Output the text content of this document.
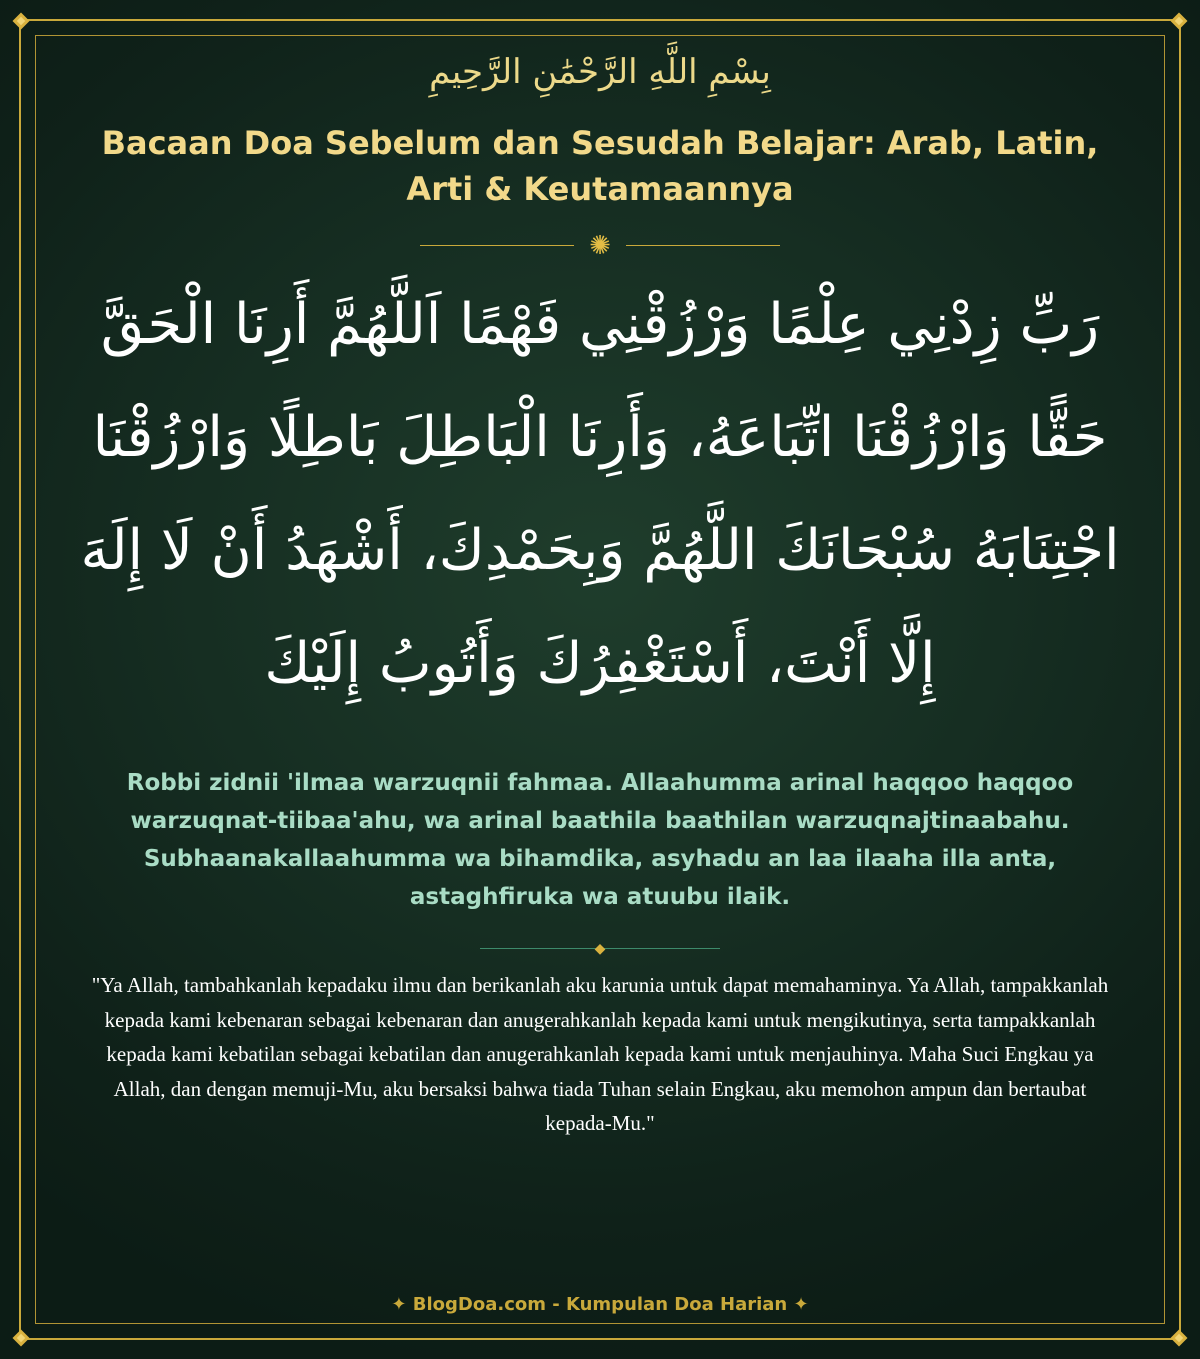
بِسْمِ اللَّهِ الرَّحْمَٰنِ الرَّحِيمِ
Bacaan Doa Sebelum dan Sesudah Belajar: Arab, Latin, Arti & Keutamaannya
✺
رَبِّ زِدْنِي عِلْمًا وَرْزُقْنِي فَهْمًا اَللَّهُمَّ أَرِنَا الْحَقَّ حَقًّا وَارْزُقْنَا اتِّبَاعَهُ، وَأَرِنَا الْبَاطِلَ بَاطِلًا وَارْزُقْنَا اجْتِنَابَهُ سُبْحَانَكَ اللَّهُمَّ وَبِحَمْدِكَ، أَشْهَدُ أَنْ لَا إِلَهَ إِلَّا أَنْتَ، أَسْتَغْفِرُكَ وَأَتُوبُ إِلَيْكَ
Robbi zidnii 'ilmaa warzuqnii fahmaa. Allaahumma arinal haqqoo haqqoo warzuqnat-tiibaa'ahu, wa arinal baathila baathilan warzuqnajtinaabahu. Subhaanakallaahumma wa bihamdika, asyhadu an laa ilaaha illa anta, astaghfiruka wa atuubu ilaik.
◆
"Ya Allah, tambahkanlah kepadaku ilmu dan berikanlah aku karunia untuk dapat memahaminya. Ya Allah, tampakkanlah kepada kami kebenaran sebagai kebenaran dan anugerahkanlah kepada kami untuk mengikutinya, serta tampakkanlah kepada kami kebatilan sebagai kebatilan dan anugerahkanlah kepada kami untuk menjauhinya. Maha Suci Engkau ya Allah, dan dengan memuji-Mu, aku bersaksi bahwa tiada Tuhan selain Engkau, aku memohon ampun dan bertaubat kepada-Mu."
✦ BlogDoa.com - Kumpulan Doa Harian ✦
